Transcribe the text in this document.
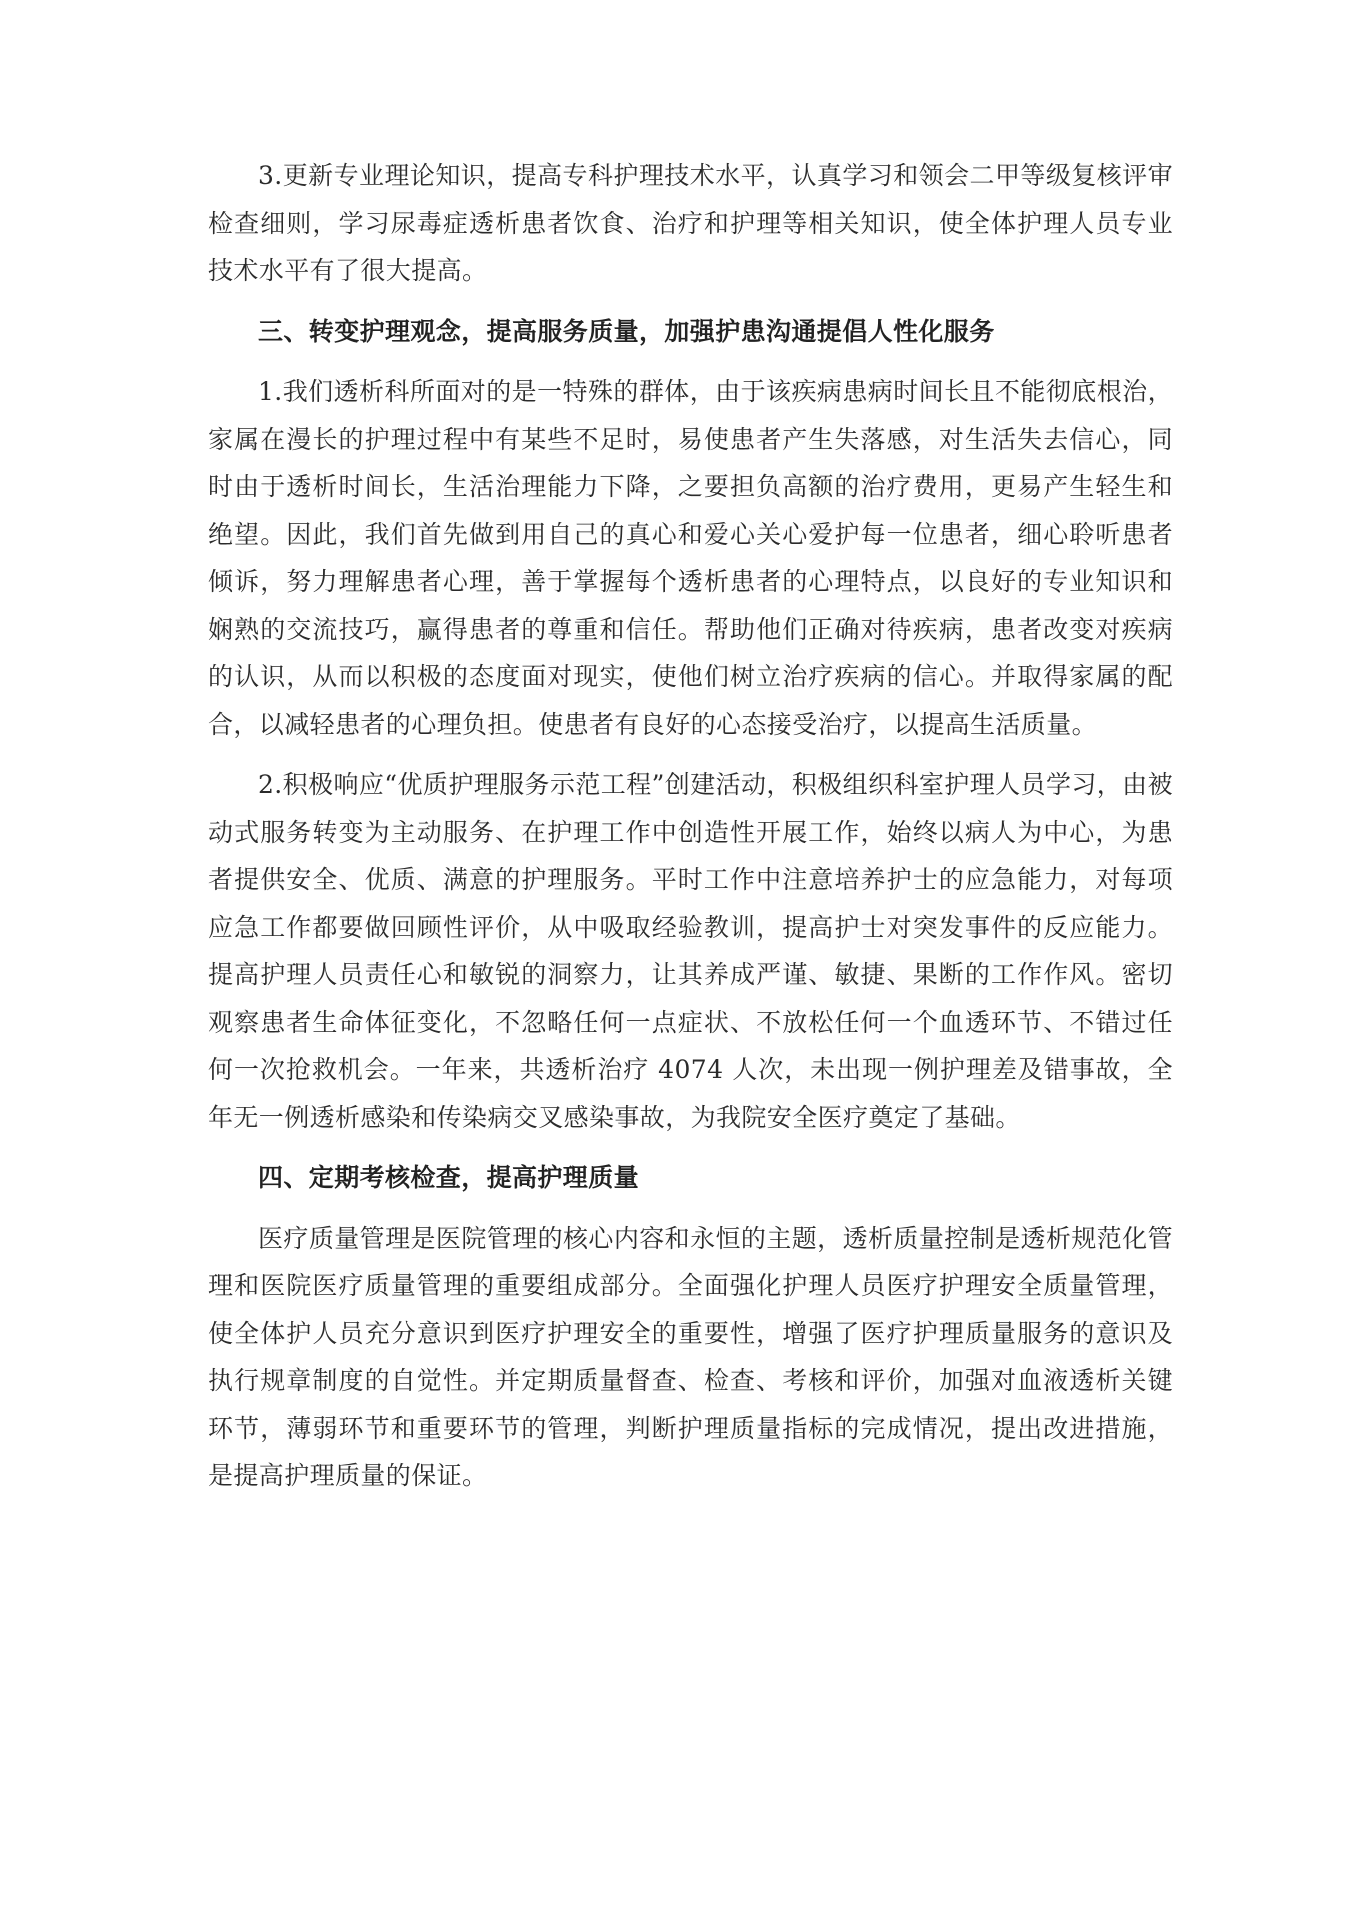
3.更新专业理论知识，提高专科护理技术水平，认真学习和领会二甲等级复核评审检查细则，学习尿毒症透析患者饮食、治疗和护理等相关知识，使全体护理人员专业技术水平有了很大提高。

三、转变护理观念，提高服务质量，加强护患沟通提倡人性化服务

1.我们透析科所面对的是一特殊的群体，由于该疾病患病时间长且不能彻底根治，家属在漫长的护理过程中有某些不足时，易使患者产生失落感，对生活失去信心，同时由于透析时间长，生活治理能力下降，之要担负高额的治疗费用，更易产生轻生和绝望。因此，我们首先做到用自己的真心和爱心关心爱护每一位患者，细心聆听患者倾诉，努力理解患者心理，善于掌握每个透析患者的心理特点，以良好的专业知识和娴熟的交流技巧，赢得患者的尊重和信任。帮助他们正确对待疾病，患者改变对疾病的认识，从而以积极的态度面对现实，使他们树立治疗疾病的信心。并取得家属的配合，以减轻患者的心理负担。使患者有良好的心态接受治疗，以提高生活质量。

2.积极响应“优质护理服务示范工程”创建活动，积极组织科室护理人员学习，由被动式服务转变为主动服务、在护理工作中创造性开展工作，始终以病人为中心，为患者提供安全、优质、满意的护理服务。平时工作中注意培养护士的应急能力，对每项应急工作都要做回顾性评价，从中吸取经验教训，提高护士对突发事件的反应能力。提高护理人员责任心和敏锐的洞察力，让其养成严谨、敏捷、果断的工作作风。密切观察患者生命体征变化，不忽略任何一点症状、不放松任何一个血透环节、不错过任何一次抢救机会。一年来，共透析治疗 4074 人次，未出现一例护理差及错事故，全年无一例透析感染和传染病交叉感染事故，为我院安全医疗奠定了基础。

四、定期考核检查，提高护理质量

医疗质量管理是医院管理的核心内容和永恒的主题，透析质量控制是透析规范化管理和医院医疗质量管理的重要组成部分。全面强化护理人员医疗护理安全质量管理，使全体护人员充分意识到医疗护理安全的重要性，增强了医疗护理质量服务的意识及执行规章制度的自觉性。并定期质量督查、检查、考核和评价，加强对血液透析关键环节，薄弱环节和重要环节的管理，判断护理质量指标的完成情况，提出改进措施，是提高护理质量的保证。
